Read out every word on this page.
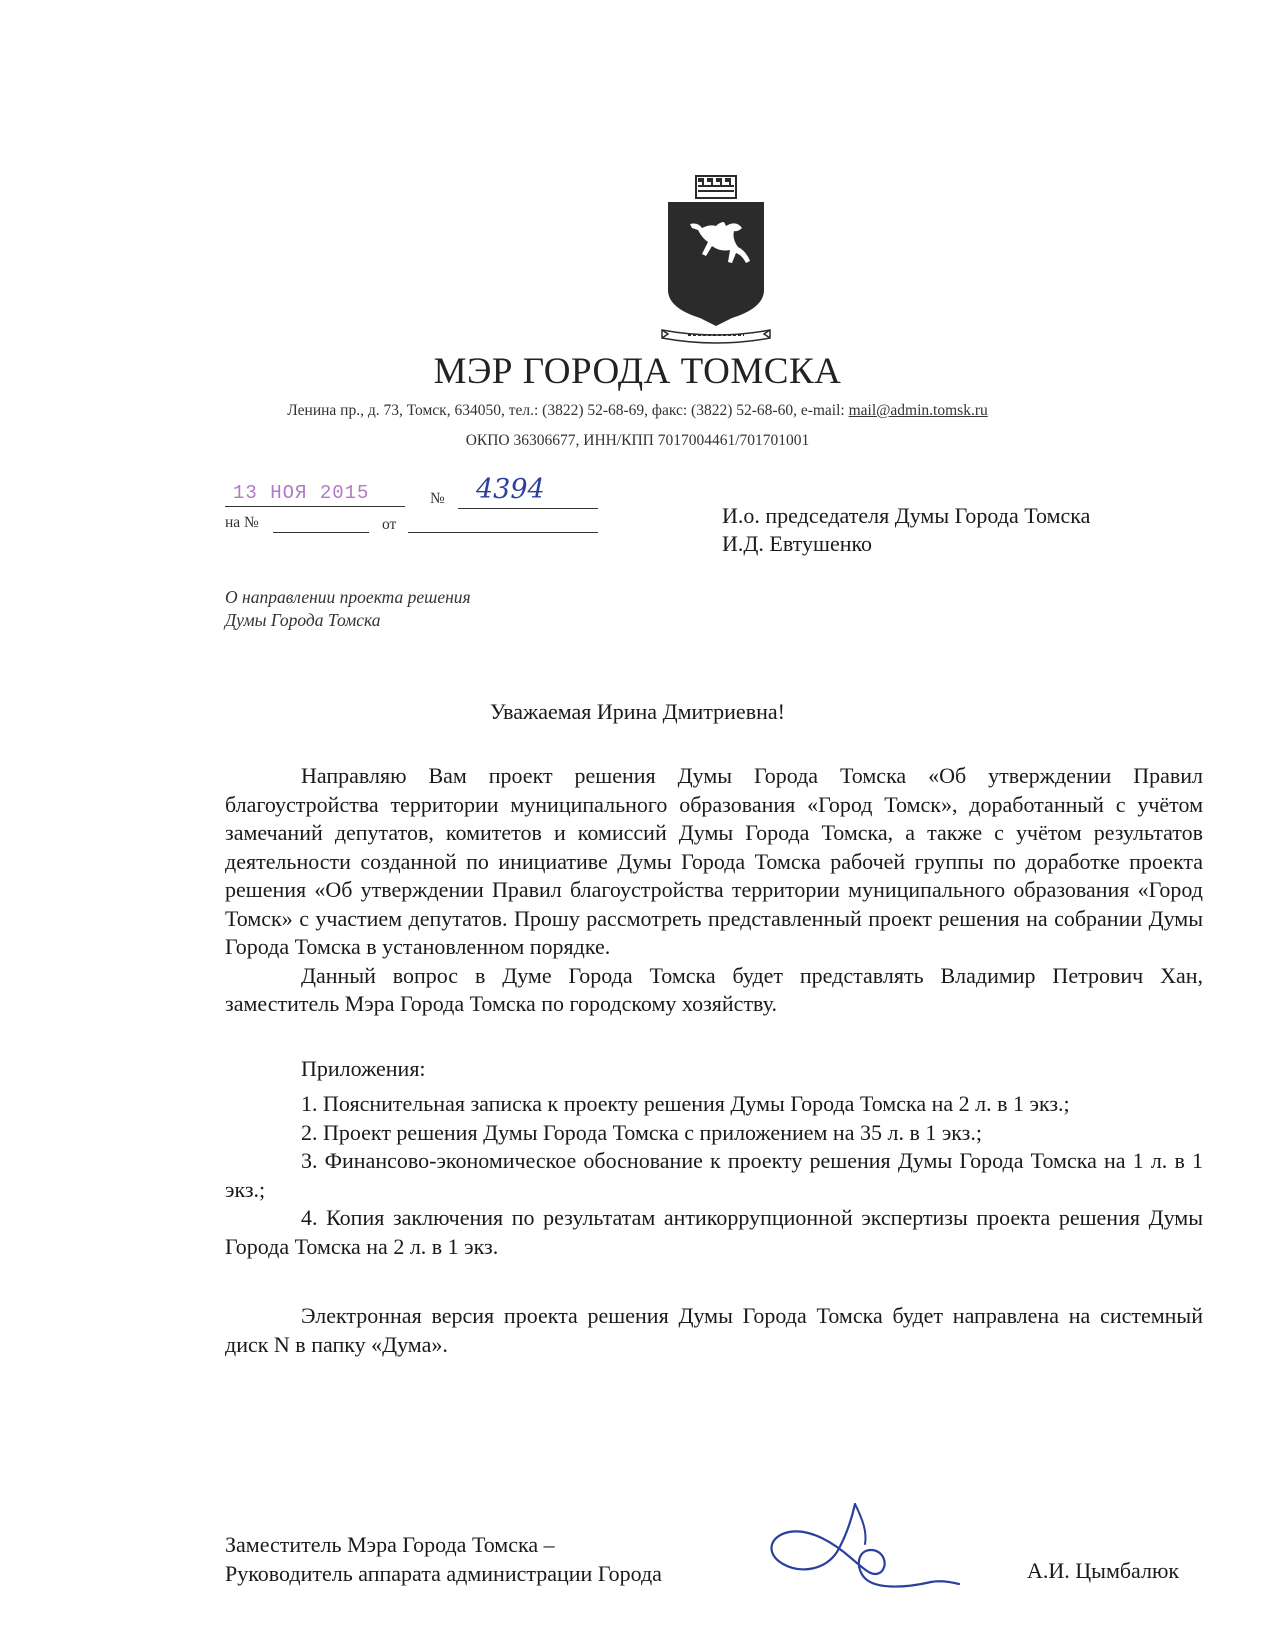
МЭР ГОРОДА ТОМСКА
Ленина пр., д. 73, Томск, 634050, тел.: (3822) 52-68-69, факс: (3822) 52-68-60, e-mail: mail@admin.tomsk.ru
ОКПО 36306677, ИНН/КПП 7017004461/701701001
13 НОЯ 2015	№ 4394
на №	от	И.о. председателя Думы Города Томска
И.Д. Евтушенко
О направлении проекта решения
Думы Города Томска
Уважаемая Ирина Дмитриевна!

Направляю Вам проект решения Думы Города Томска «Об утверждении Правил благоустройства территории муниципального образования «Город Томск», доработанный с учётом замечаний депутатов, комитетов и комиссий Думы Города Томска, а также с учётом результатов деятельности созданной по инициативе Думы Города Томска рабочей группы по доработке проекта решения «Об утверждении Правил благоустройства территории муниципального образования «Город Томск» с участием депутатов. Прошу рассмотреть представленный проект решения на собрании Думы Города Томска в установленном порядке.

Данный вопрос в Думе Города Томска будет представлять Владимир Петрович Хан, заместитель Мэра Города Томска по городскому хозяйству.

Приложения:

1. Пояснительная записка к проекту решения Думы Города Томска на 2 л. в 1 экз.;

2. Проект решения Думы Города Томска с приложением на 35 л. в 1 экз.;

3. Финансово-экономическое обоснование к проекту решения Думы Города Томска на 1 л. в 1 экз.;

4. Копия заключения по результатам антикоррупционной экспертизы проекта решения Думы Города Томска на 2 л. в 1 экз.

Электронная версия проекта решения Думы Города Томска будет направлена на системный диск N в папку «Дума».

Заместитель Мэра Города Томска –
Руководитель аппарата администрации Города	А.И. Цымбалюк
